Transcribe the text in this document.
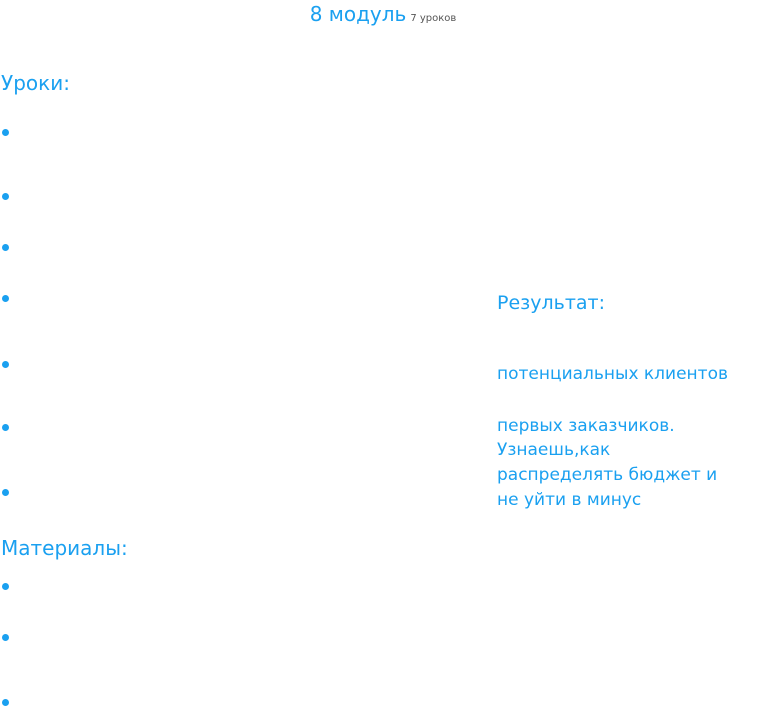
8 модуль 7 уроков
Уроки:
Материалы:
Результат:
потенциальных клиентов
первых заказчиков.
Узнаешь,как
распределять бюджет и
не уйти в минус
